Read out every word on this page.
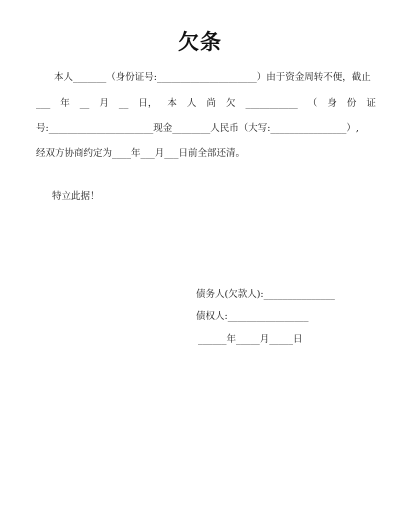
欠条
本人_______（身份证号:_____________________）由于资金周转不便，截止
___ 年 __ 月 __ 日， 本 人 尚 欠 ___________ （ 身 份 证
号:______________________现金________人民币（大写:________________）,
经双方协商约定为____年___月___日前全部还清。
特立此据！
债务人(欠款人):_______________
债权人:_________________
______年_____月_____日
